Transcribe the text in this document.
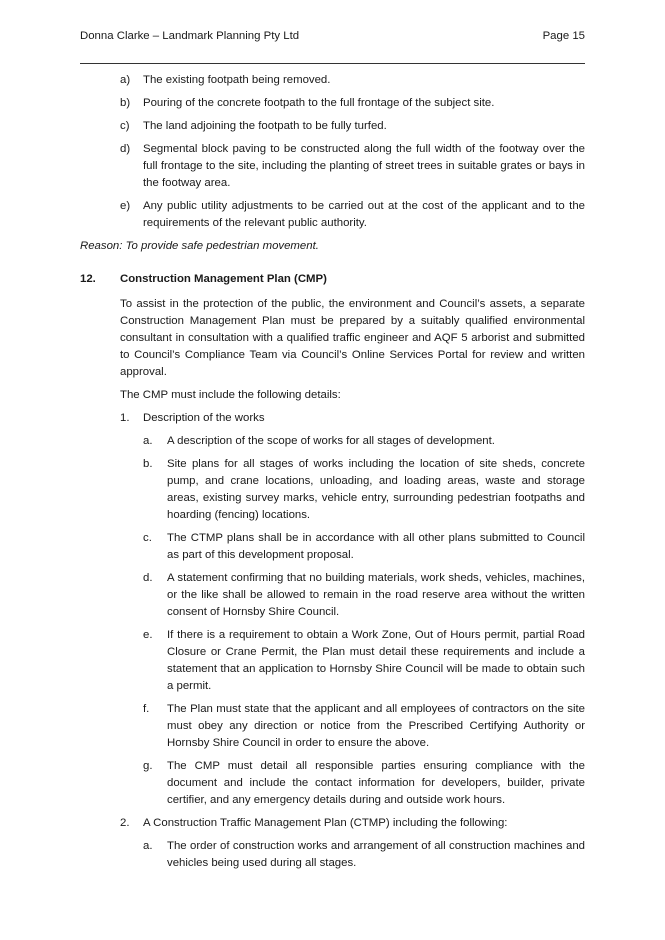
Donna Clarke – Landmark Planning Pty Ltd	Page 15
a) The existing footpath being removed.
b) Pouring of the concrete footpath to the full frontage of the subject site.
c) The land adjoining the footpath to be fully turfed.
d) Segmental block paving to be constructed along the full width of the footway over the full frontage to the site, including the planting of street trees in suitable grates or bays in the footway area.
e) Any public utility adjustments to be carried out at the cost of the applicant and to the requirements of the relevant public authority.
Reason: To provide safe pedestrian movement.
12. Construction Management Plan (CMP)
To assist in the protection of the public, the environment and Council’s assets, a separate Construction Management Plan must be prepared by a suitably qualified environmental consultant in consultation with a qualified traffic engineer and AQF 5 arborist and submitted to Council’s Compliance Team via Council’s Online Services Portal for review and written approval.
The CMP must include the following details:
1. Description of the works
a. A description of the scope of works for all stages of development.
b. Site plans for all stages of works including the location of site sheds, concrete pump, and crane locations, unloading, and loading areas, waste and storage areas, existing survey marks, vehicle entry, surrounding pedestrian footpaths and hoarding (fencing) locations.
c. The CTMP plans shall be in accordance with all other plans submitted to Council as part of this development proposal.
d. A statement confirming that no building materials, work sheds, vehicles, machines, or the like shall be allowed to remain in the road reserve area without the written consent of Hornsby Shire Council.
e. If there is a requirement to obtain a Work Zone, Out of Hours permit, partial Road Closure or Crane Permit, the Plan must detail these requirements and include a statement that an application to Hornsby Shire Council will be made to obtain such a permit.
f. The Plan must state that the applicant and all employees of contractors on the site must obey any direction or notice from the Prescribed Certifying Authority or Hornsby Shire Council in order to ensure the above.
g. The CMP must detail all responsible parties ensuring compliance with the document and include the contact information for developers, builder, private certifier, and any emergency details during and outside work hours.
2. A Construction Traffic Management Plan (CTMP) including the following:
a. The order of construction works and arrangement of all construction machines and vehicles being used during all stages.
